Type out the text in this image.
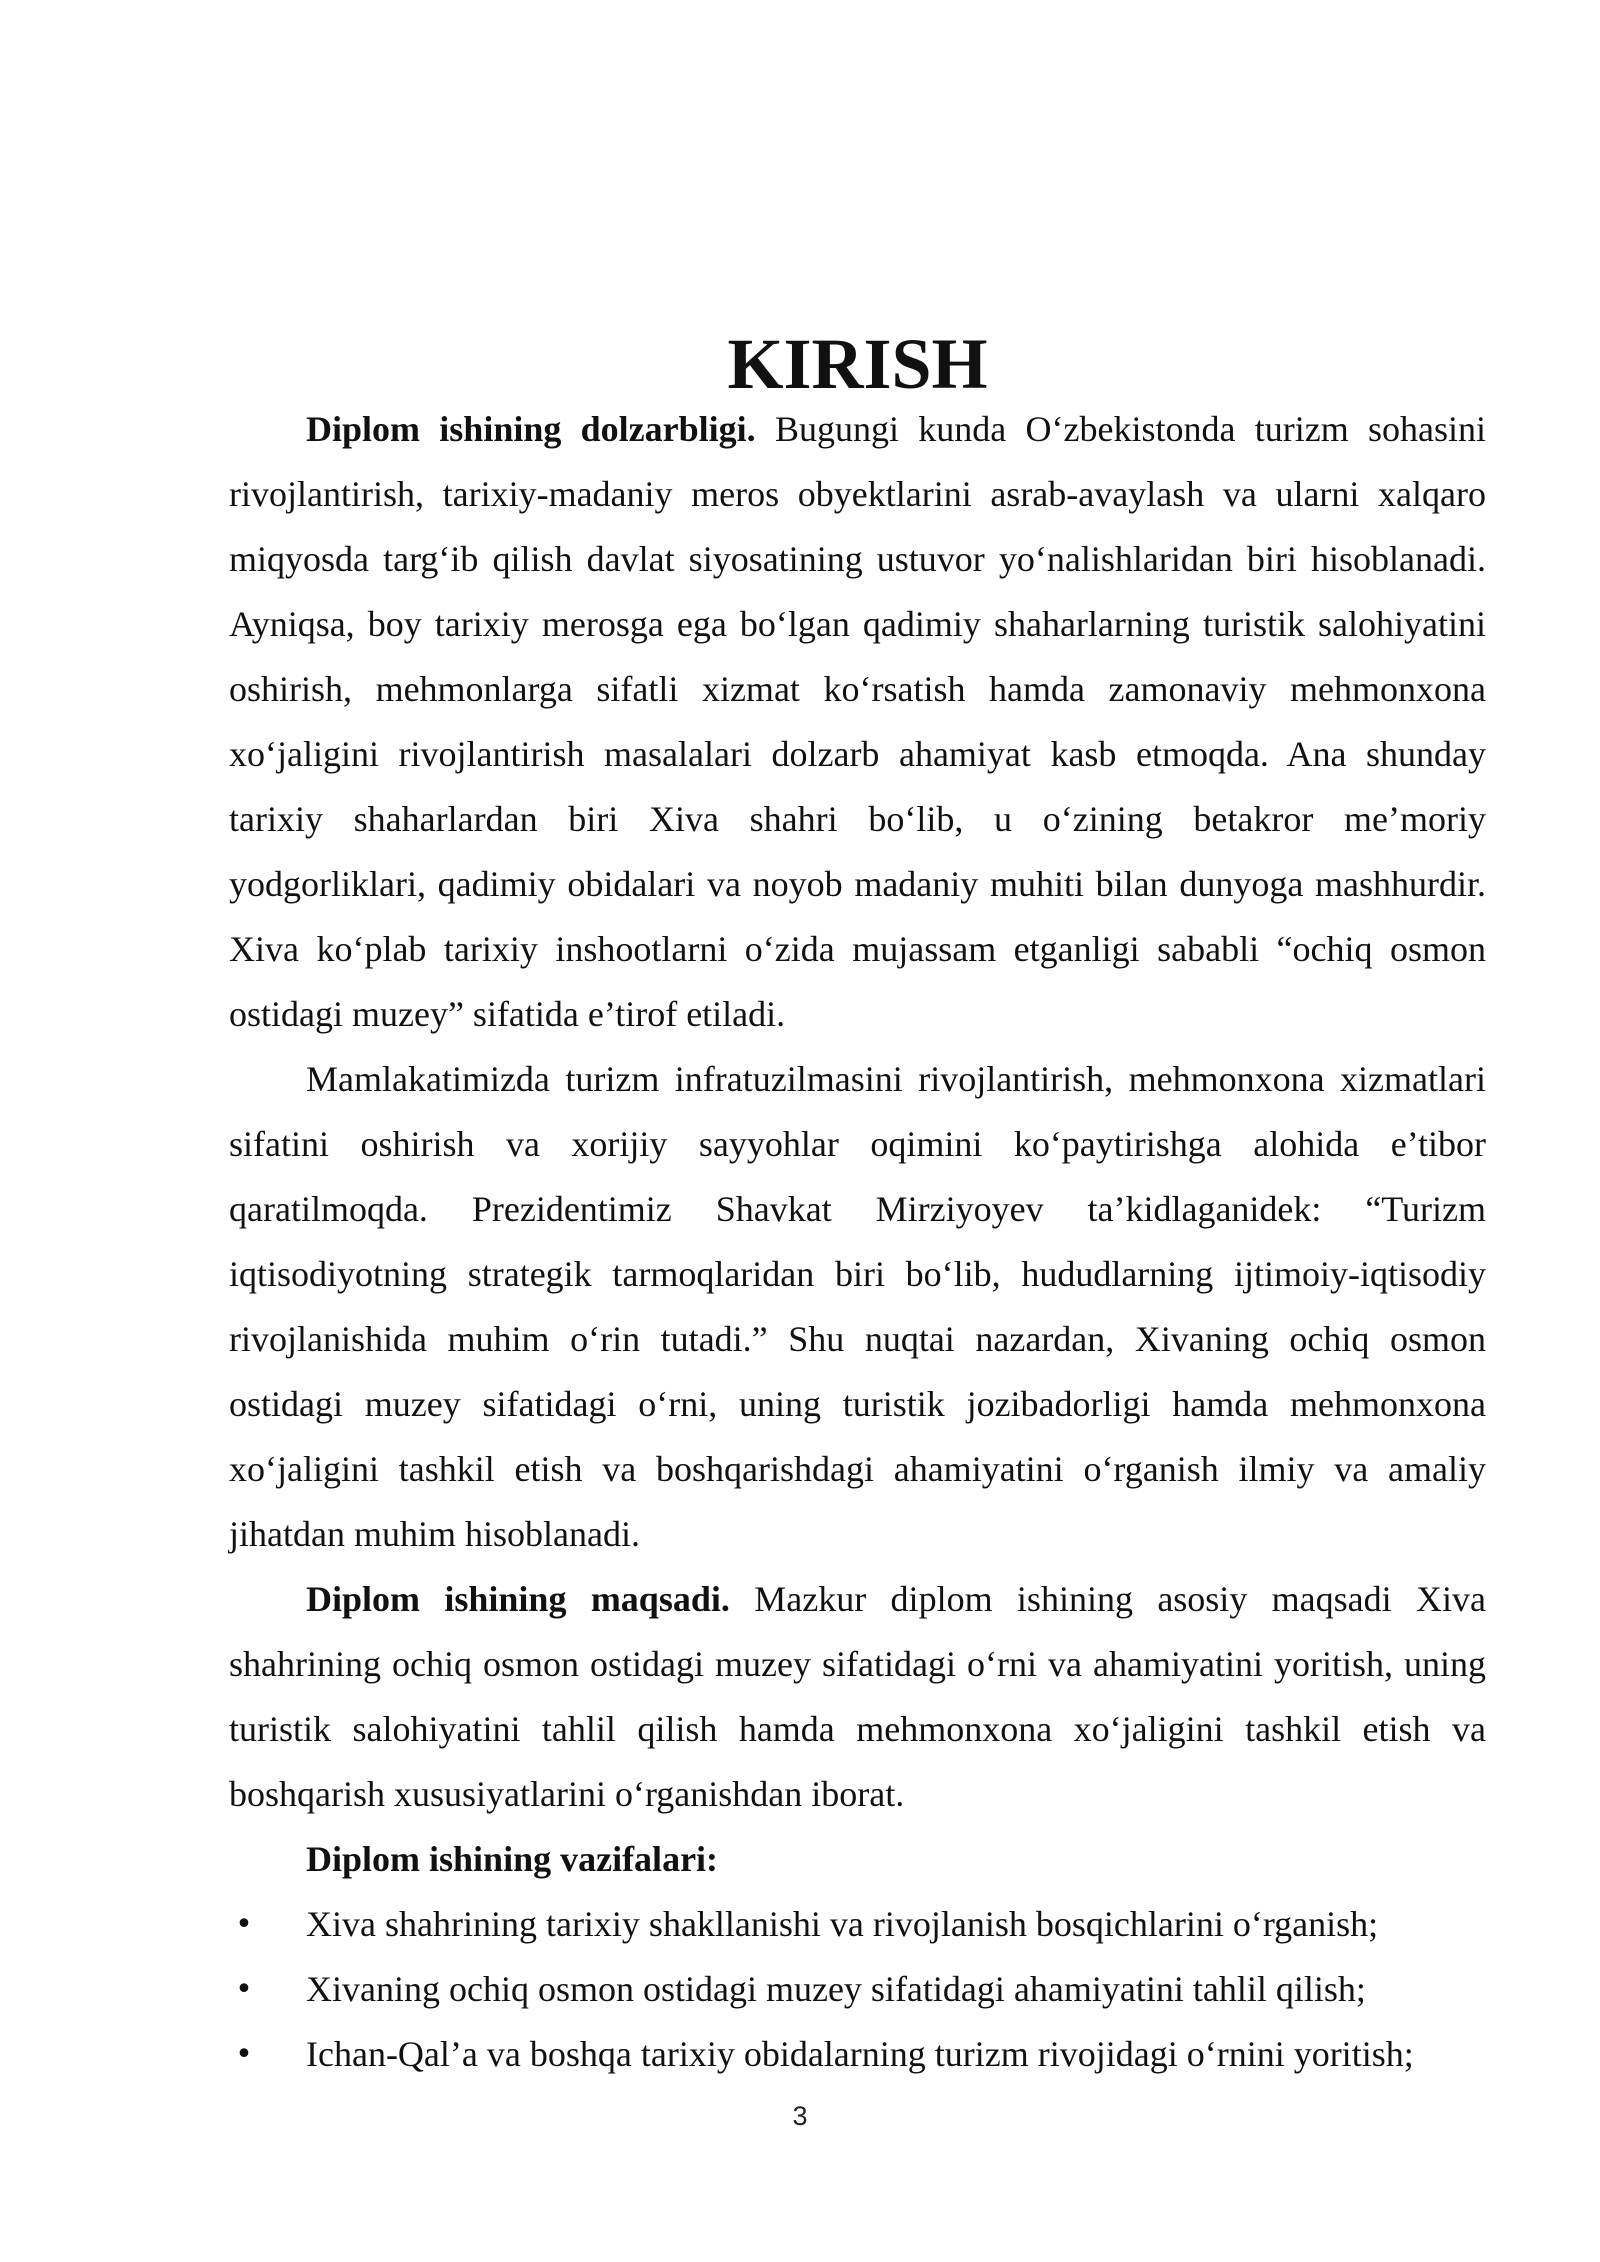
KIRISH

Diplom ishining dolzarbligi. Bugungi kunda O‘zbekistonda turizm sohasini rivojlantirish, tarixiy-madaniy meros obyektlarini asrab-avaylash va ularni xalqaro miqyosda targ‘ib qilish davlat siyosatining ustuvor yo‘nalishlaridan biri hisoblanadi. Ayniqsa, boy tarixiy merosga ega bo‘lgan qadimiy shaharlarning turistik salohiyatini oshirish, mehmonlarga sifatli xizmat ko‘rsatish hamda zamonaviy mehmonxona xo‘jaligini rivojlantirish masalalari dolzarb ahamiyat kasb etmoqda. Ana shunday tarixiy shaharlardan biri Xiva shahri bo‘lib, u o‘zining betakror me’moriy yodgorliklari, qadimiy obidalari va noyob madaniy muhiti bilan dunyoga mashhurdir. Xiva ko‘plab tarixiy inshootlarni o‘zida mujassam etganligi sababli “ochiq osmon ostidagi muzey” sifatida e’tirof etiladi.

Mamlakatimizda turizm infratuzilmasini rivojlantirish, mehmonxona xizmatlari sifatini oshirish va xorijiy sayyohlar oqimini ko‘paytirishga alohida e’tibor qaratilmoqda. Prezidentimiz Shavkat Mirziyoyev ta’kidlaganidek: “Turizm iqtisodiyotning strategik tarmoqlaridan biri bo‘lib, hududlarning ijtimoiy-iqtisodiy rivojlanishida muhim o‘rin tutadi.” Shu nuqtai nazardan, Xivaning ochiq osmon ostidagi muzey sifatidagi o‘rni, uning turistik jozibadorligi hamda mehmonxona xo‘jaligini tashkil etish va boshqarishdagi ahamiyatini o‘rganish ilmiy va amaliy jihatdan muhim hisoblanadi.

Diplom ishining maqsadi. Mazkur diplom ishining asosiy maqsadi Xiva shahrining ochiq osmon ostidagi muzey sifatidagi o‘rni va ahamiyatini yoritish, uning turistik salohiyatini tahlil qilish hamda mehmonxona xo‘jaligini tashkil etish va boshqarish xususiyatlarini o‘rganishdan iborat.

Diplom ishining vazifalari:

• Xiva shahrining tarixiy shakllanishi va rivojlanish bosqichlarini o‘rganish;
• Xivaning ochiq osmon ostidagi muzey sifatidagi ahamiyatini tahlil qilish;
• Ichan-Qal’a va boshqa tarixiy obidalarning turizm rivojidagi o‘rnini yoritish;
3
